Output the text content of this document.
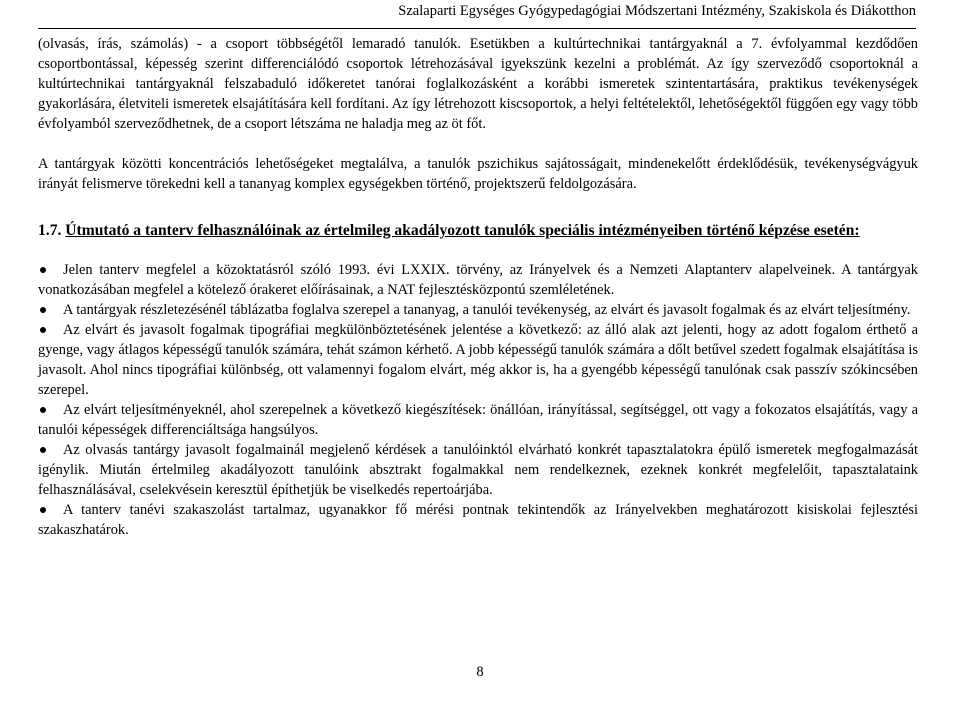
Szalaparti Egységes Gyógypedagógiai Módszertani Intézmény, Szakiskola és Diákotthon

(olvasás, írás, számolás) - a csoport többségétől lemaradó tanulók. Esetükben a kultúrtechnikai tantárgyaknál a 7. évfolyammal kezdődően csoportbontással, képesség szerint differenciálódó csoportok létrehozásával igyekszünk kezelni a problémát. Az így szerveződő csoportoknál a kultúrtechnikai tantárgyaknál felszabaduló időkeretet tanórai foglalkozásként a korábbi ismeretek szintentartására, praktikus tevékenységek gyakorlására, életviteli ismeretek elsajátítására kell fordítani. Az így létrehozott kiscsoportok, a helyi feltételektől, lehetőségektől függően egy vagy több évfolyamból szerveződhetnek, de a csoport létszáma ne haladja meg az öt főt.

A tantárgyak közötti koncentrációs lehetőségeket megtalálva, a tanulók pszichikus sajátosságait, mindenekelőtt érdeklődésük, tevékenységvágyuk irányát felismerve törekedni kell a tananyag komplex egységekben történő, projektszerű feldolgozására.

1.7. Útmutató a tanterv felhasználóinak az értelmileg akadályozott tanulók speciális intézményeiben történő képzése esetén:
Jelen tanterv megfelel a közoktatásról szóló 1993. évi LXXIX. törvény, az Irányelvek és a Nemzeti Alaptanterv alapelveinek. A tantárgyak vonatkozásában megfelel a kötelező órakeret előírásainak, a NAT fejlesztésközpontú szemléletének.
A tantárgyak részletezésénél táblázatba foglalva szerepel a tananyag, a tanulói tevékenység, az elvárt és javasolt fogalmak és az elvárt teljesítmény.
Az elvárt és javasolt fogalmak tipográfiai megkülönböztetésének jelentése a következő: az álló alak azt jelenti, hogy az adott fogalom érthető a gyenge, vagy átlagos képességű tanulók számára, tehát számon kérhető. A jobb képességű tanulók számára a dőlt betűvel szedett fogalmak elsajátítása is javasolt. Ahol nincs tipográfiai különbség, ott valamennyi fogalom elvárt, még akkor is, ha a gyengébb képességű tanulónak csak passzív szókincsében szerepel.
Az elvárt teljesítményeknél, ahol szerepelnek a következő kiegészítések: önállóan, irányítással, segítséggel, ott vagy a fokozatos elsajátítás, vagy a tanulói képességek differenciáltsága hangsúlyos.
Az olvasás tantárgy javasolt fogalmainál megjelenő kérdések a tanulóinktól elvárható konkrét tapasztalatokra épülő ismeretek megfogalmazását igénylik. Miután értelmileg akadályozott tanulóink absztrakt fogalmakkal nem rendelkeznek, ezeknek konkrét megfelelőit, tapasztalataink felhasználásával, cselekvésein keresztül építhetjük be viselkedés repertoárjába.
A tanterv tanévi szakaszolást tartalmaz, ugyanakkor fő mérési pontnak tekintendők az Irányelvekben meghatározott kisiskolai fejlesztési szakaszhatárok.
8
